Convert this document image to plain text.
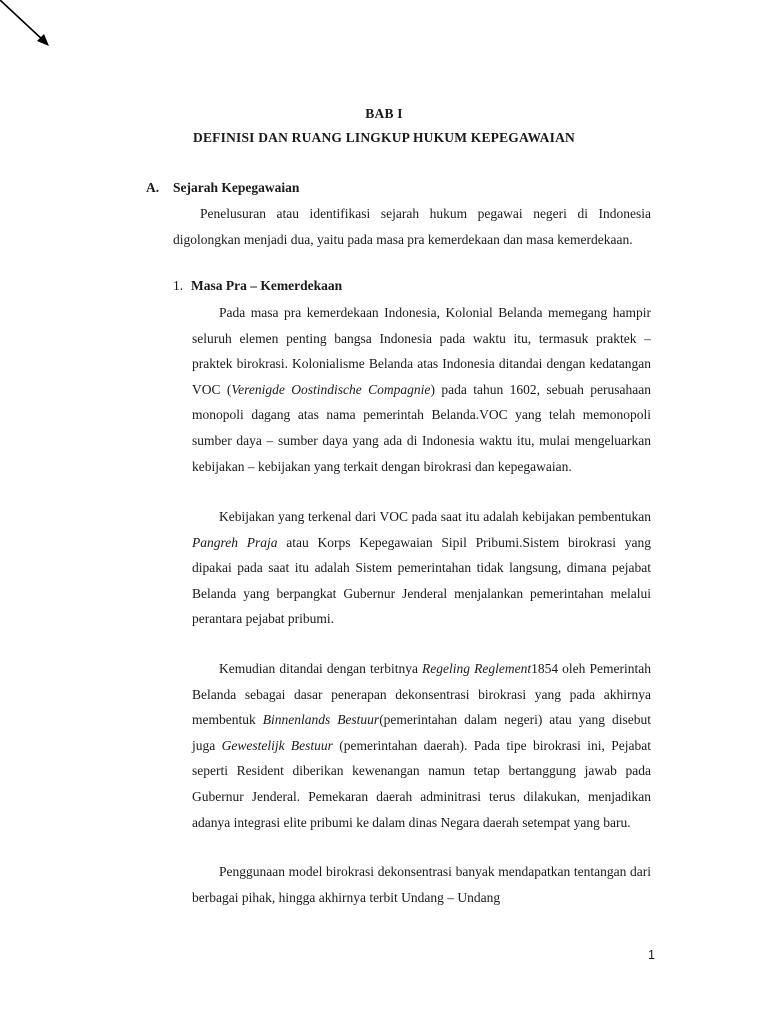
BAB I
DEFINISI DAN RUANG LINGKUP HUKUM KEPEGAWAIAN
A. Sejarah Kepegawaian

Penelusuran atau identifikasi sejarah hukum pegawai negeri di Indonesia digolongkan menjadi dua, yaitu pada masa pra kemerdekaan dan masa kemerdekaan.

1. Masa Pra – Kemerdekaan

Pada masa pra kemerdekaan Indonesia, Kolonial Belanda memegang hampir seluruh elemen penting bangsa Indonesia pada waktu itu, termasuk praktek – praktek birokrasi. Kolonialisme Belanda atas Indonesia ditandai dengan kedatangan VOC (Verenigde Oostindische Compagnie) pada tahun 1602, sebuah perusahaan monopoli dagang atas nama pemerintah Belanda.VOC yang telah memonopoli sumber daya – sumber daya yang ada di Indonesia waktu itu, mulai mengeluarkan kebijakan – kebijakan yang terkait dengan birokrasi dan kepegawaian.

Kebijakan yang terkenal dari VOC pada saat itu adalah kebijakan pembentukan Pangreh Praja atau Korps Kepegawaian Sipil Pribumi.Sistem birokrasi yang dipakai pada saat itu adalah Sistem pemerintahan tidak langsung, dimana pejabat Belanda yang berpangkat Gubernur Jenderal menjalankan pemerintahan melalui perantara pejabat pribumi.

Kemudian ditandai dengan terbitnya Regeling Reglement1854 oleh Pemerintah Belanda sebagai dasar penerapan dekonsentrasi birokrasi yang pada akhirnya membentuk Binnenlands Bestuur(pemerintahan dalam negeri) atau yang disebut juga Gewestelijk Bestuur (pemerintahan daerah). Pada tipe birokrasi ini, Pejabat seperti Resident diberikan kewenangan namun tetap bertanggung jawab pada Gubernur Jenderal. Pemekaran daerah adminitrasi terus dilakukan, menjadikan adanya integrasi elite pribumi ke dalam dinas Negara daerah setempat yang baru.

Penggunaan model birokrasi dekonsentrasi banyak mendapatkan tentangan dari berbagai pihak, hingga akhirnya terbit Undang – Undang

1
